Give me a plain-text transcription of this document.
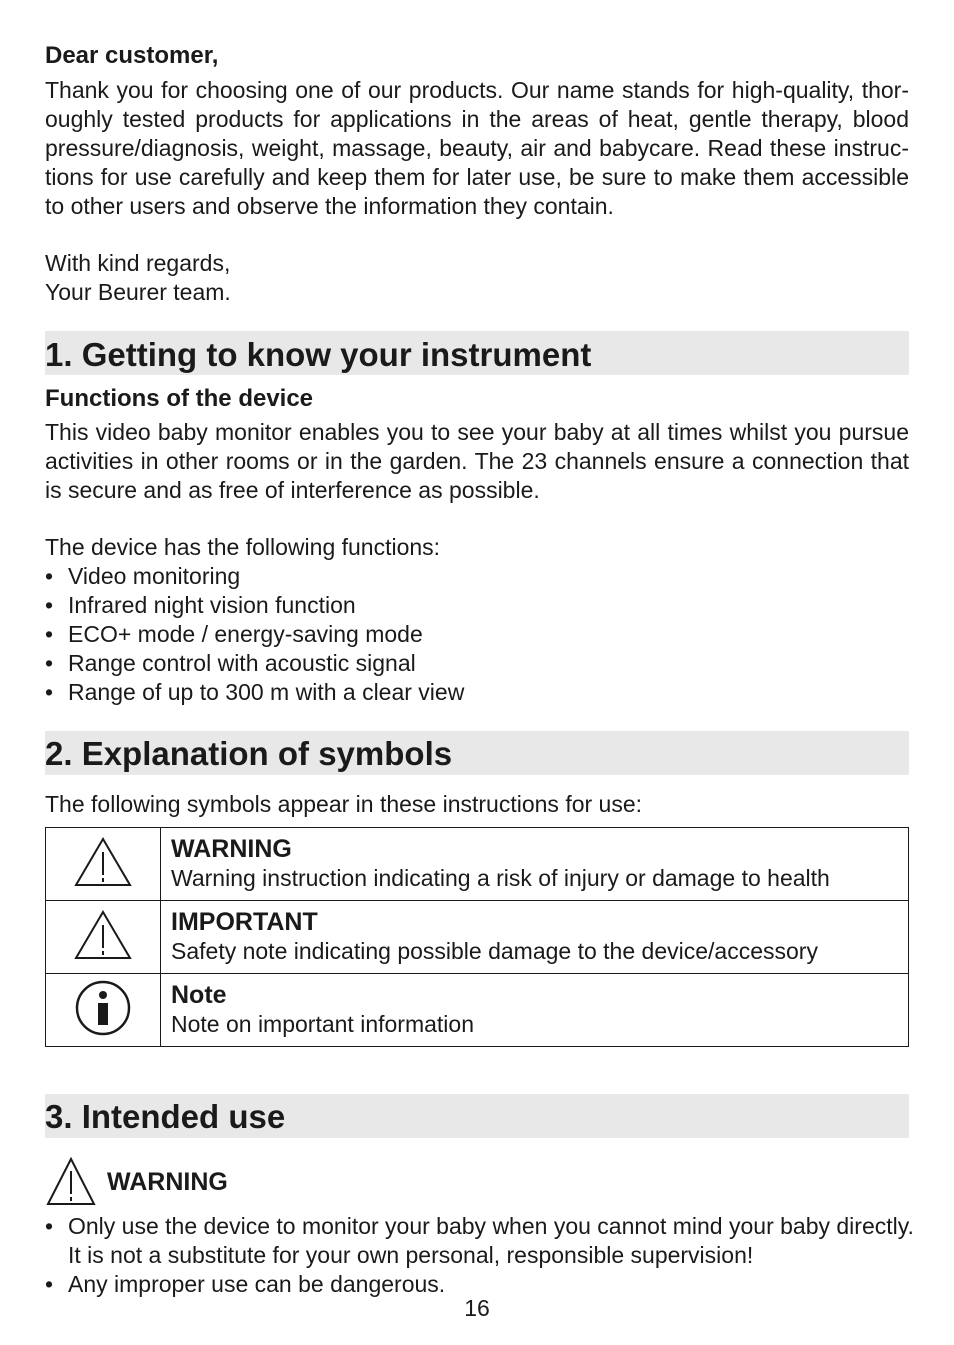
Dear customer,
Thank you for choosing one of our products. Our name stands for high-quality, thor-
oughly tested products for applications in the areas of heat, gentle therapy, blood
pressure/diagnosis, weight, massage, beauty, air and babycare. Read these instruc-
tions for use carefully and keep them for later use, be sure to make them accessible
to other users and observe the information they contain.
With kind regards,
Your Beurer team.
1. Getting to know your instrument
Functions of the device
This video baby monitor enables you to see your baby at all times whilst you pursue
activities in other rooms or in the garden. The 23 channels ensure a connection that
is secure and as free of interference as possible.
The device has the following functions:
• Video monitoring
• Infrared night vision function
• ECO+ mode / energy-saving mode
• Range control with acoustic signal
• Range of up to 300 m with a clear view
2. Explanation of symbols
The following symbols appear in these instructions for use:

WARNING
Warning instruction indicating a risk of injury or damage to health

IMPORTANT
Safety note indicating possible damage to the device/accessory

Note
Note on important information
3. Intended use
WARNING
• Only use the device to monitor your baby when you cannot mind your baby directly.
It is not a substitute for your own personal, responsible supervision!
• Any improper use can be dangerous.
16
